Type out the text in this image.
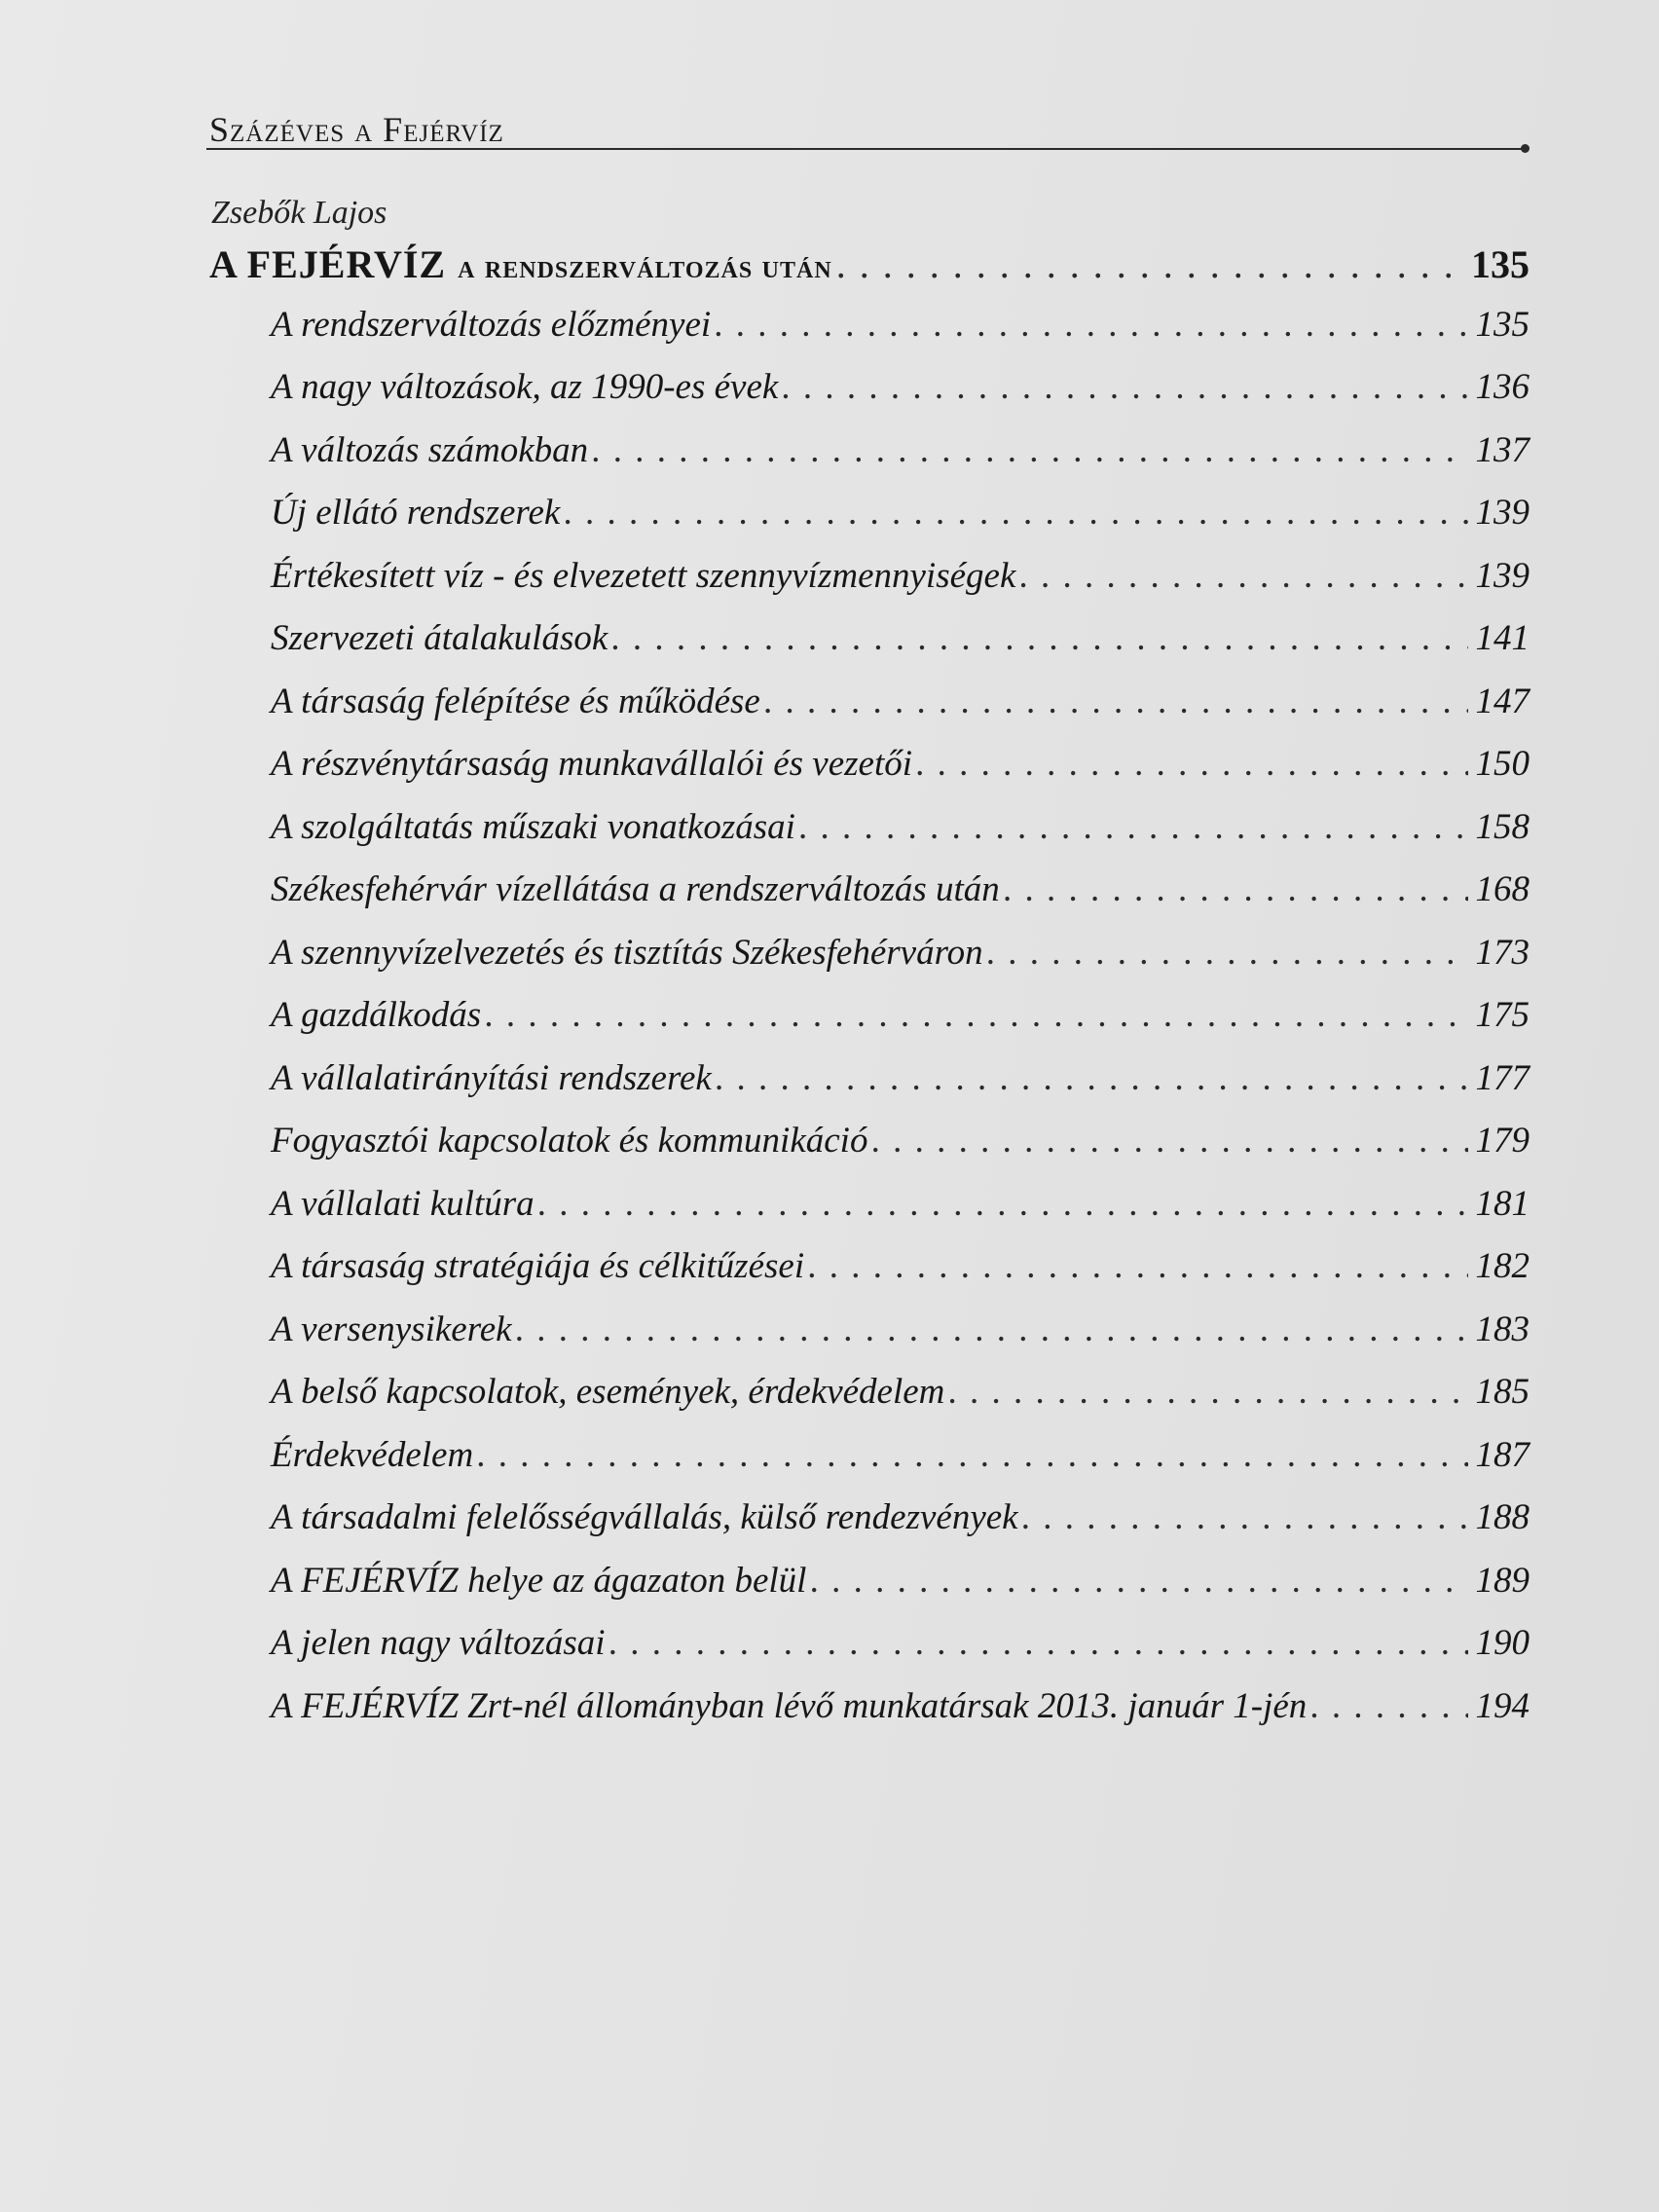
Százéves a Fejérvíz
Zsebők Lajos
A FEJÉRVÍZ a rendszerváltozás után . . .	135
A rendszerváltozás előzményei . . .	135
A nagy változások, az 1990-es évek . . .	136
A változás számokban . . .	137
Új ellátó rendszerek . . .	139
Értékesített víz - és elvezetett szennyvízmennyiségek . . .	139
Szervezeti átalakulások . . .	141
A társaság felépítése és működése . . .	147
A részvénytársaság munkavállalói és vezetői . . .	150
A szolgáltatás műszaki vonatkozásai . . .	158
Székesfehérvár vízellátása a rendszerváltozás után . . .	168
A szennyvízelvezetés és tisztítás Székesfehérváron . . .	173
A gazdálkodás . . .	175
A vállalatirányítási rendszerek . . .	177
Fogyasztói kapcsolatok és kommunikáció . . .	179
A vállalati kultúra . . .	181
A társaság stratégiája és célkitűzései . . .	182
A versenysikerek . . .	183
A belső kapcsolatok, események, érdekvédelem . . .	185
Érdekvédelem . . .	187
A társadalmi felelősségvállalás, külső rendezvények . . .	188
A FEJÉRVÍZ helye az ágazaton belül . . .	189
A jelen nagy változásai . . .	190
A FEJÉRVÍZ Zrt-nél állományban lévő munkatársak 2013. január 1-jén . . .	194
